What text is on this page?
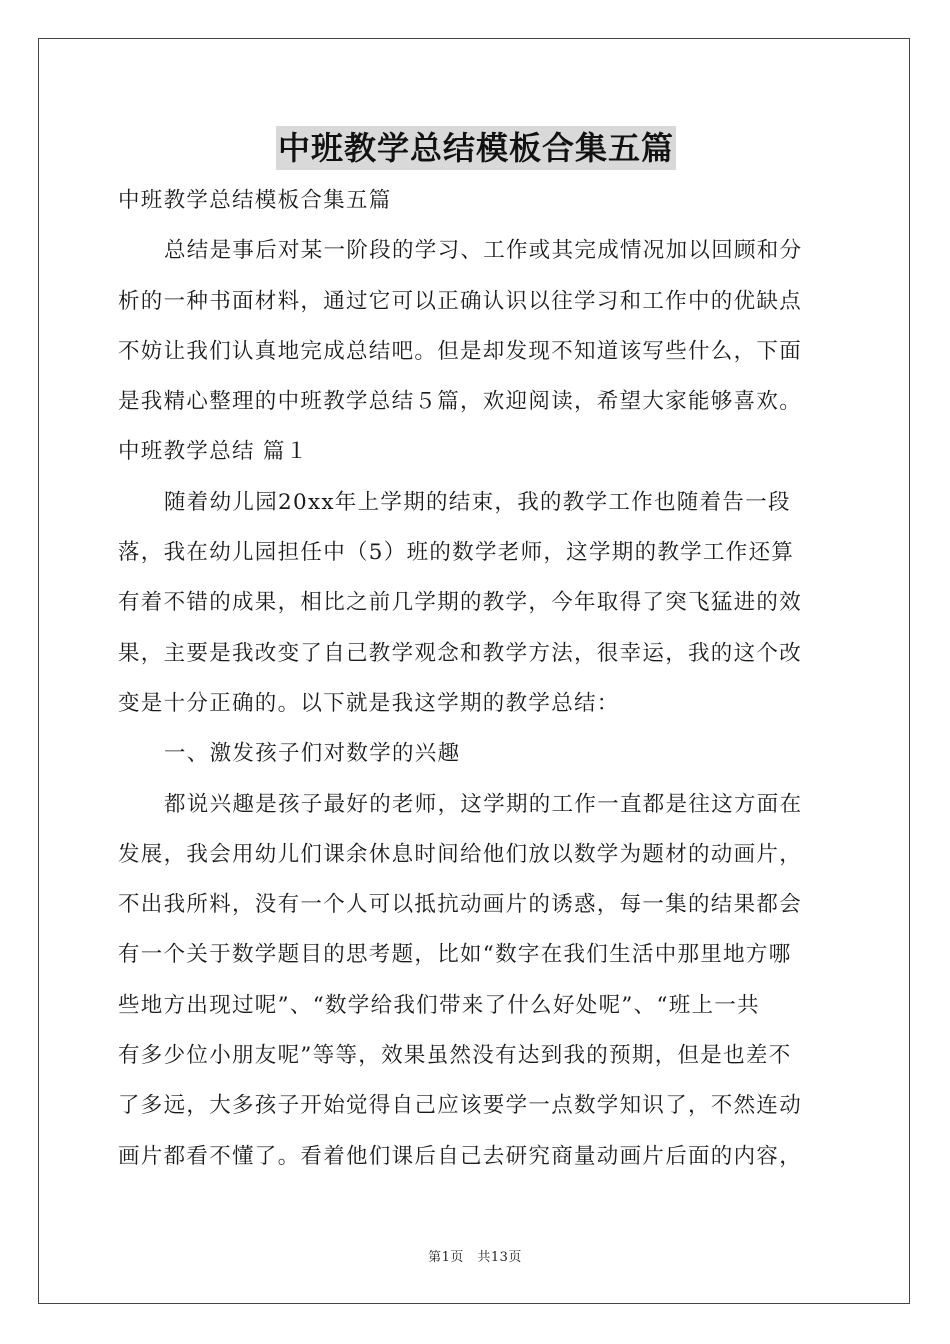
中班教学总结模板合集五篇

中班教学总结模板合集五篇

总结是事后对某一阶段的学习、工作或其完成情况加以回顾和分

析的一种书面材料，通过它可以正确认识以往学习和工作中的优缺点

不妨让我们认真地完成总结吧。但是却发现不知道该写些什么，下面

是我精心整理的中班教学总结５篇，欢迎阅读，希望大家能够喜欢。

中班教学总结 篇１

随着幼儿园20xx年上学期的结束，我的教学工作也随着告一段

落，我在幼儿园担任中（5）班的数学老师，这学期的教学工作还算

有着不错的成果，相比之前几学期的教学，今年取得了突飞猛进的效

果，主要是我改变了自己教学观念和教学方法，很幸运，我的这个改

变是十分正确的。以下就是我这学期的教学总结：

一、激发孩子们对数学的兴趣

都说兴趣是孩子最好的老师，这学期的工作一直都是往这方面在

发展，我会用幼儿们课余休息时间给他们放以数学为题材的动画片，

不出我所料，没有一个人可以抵抗动画片的诱惑，每一集的结果都会

有一个关于数学题目的思考题，比如“数字在我们生活中那里地方哪

些地方出现过呢”、“数学给我们带来了什么好处呢”、“班上一共

有多少位小朋友呢”等等，效果虽然没有达到我的预期，但是也差不

了多远，大多孩子开始觉得自己应该要学一点数学知识了，不然连动

画片都看不懂了。看着他们课后自己去研究商量动画片后面的内容，

第1页　共13页
